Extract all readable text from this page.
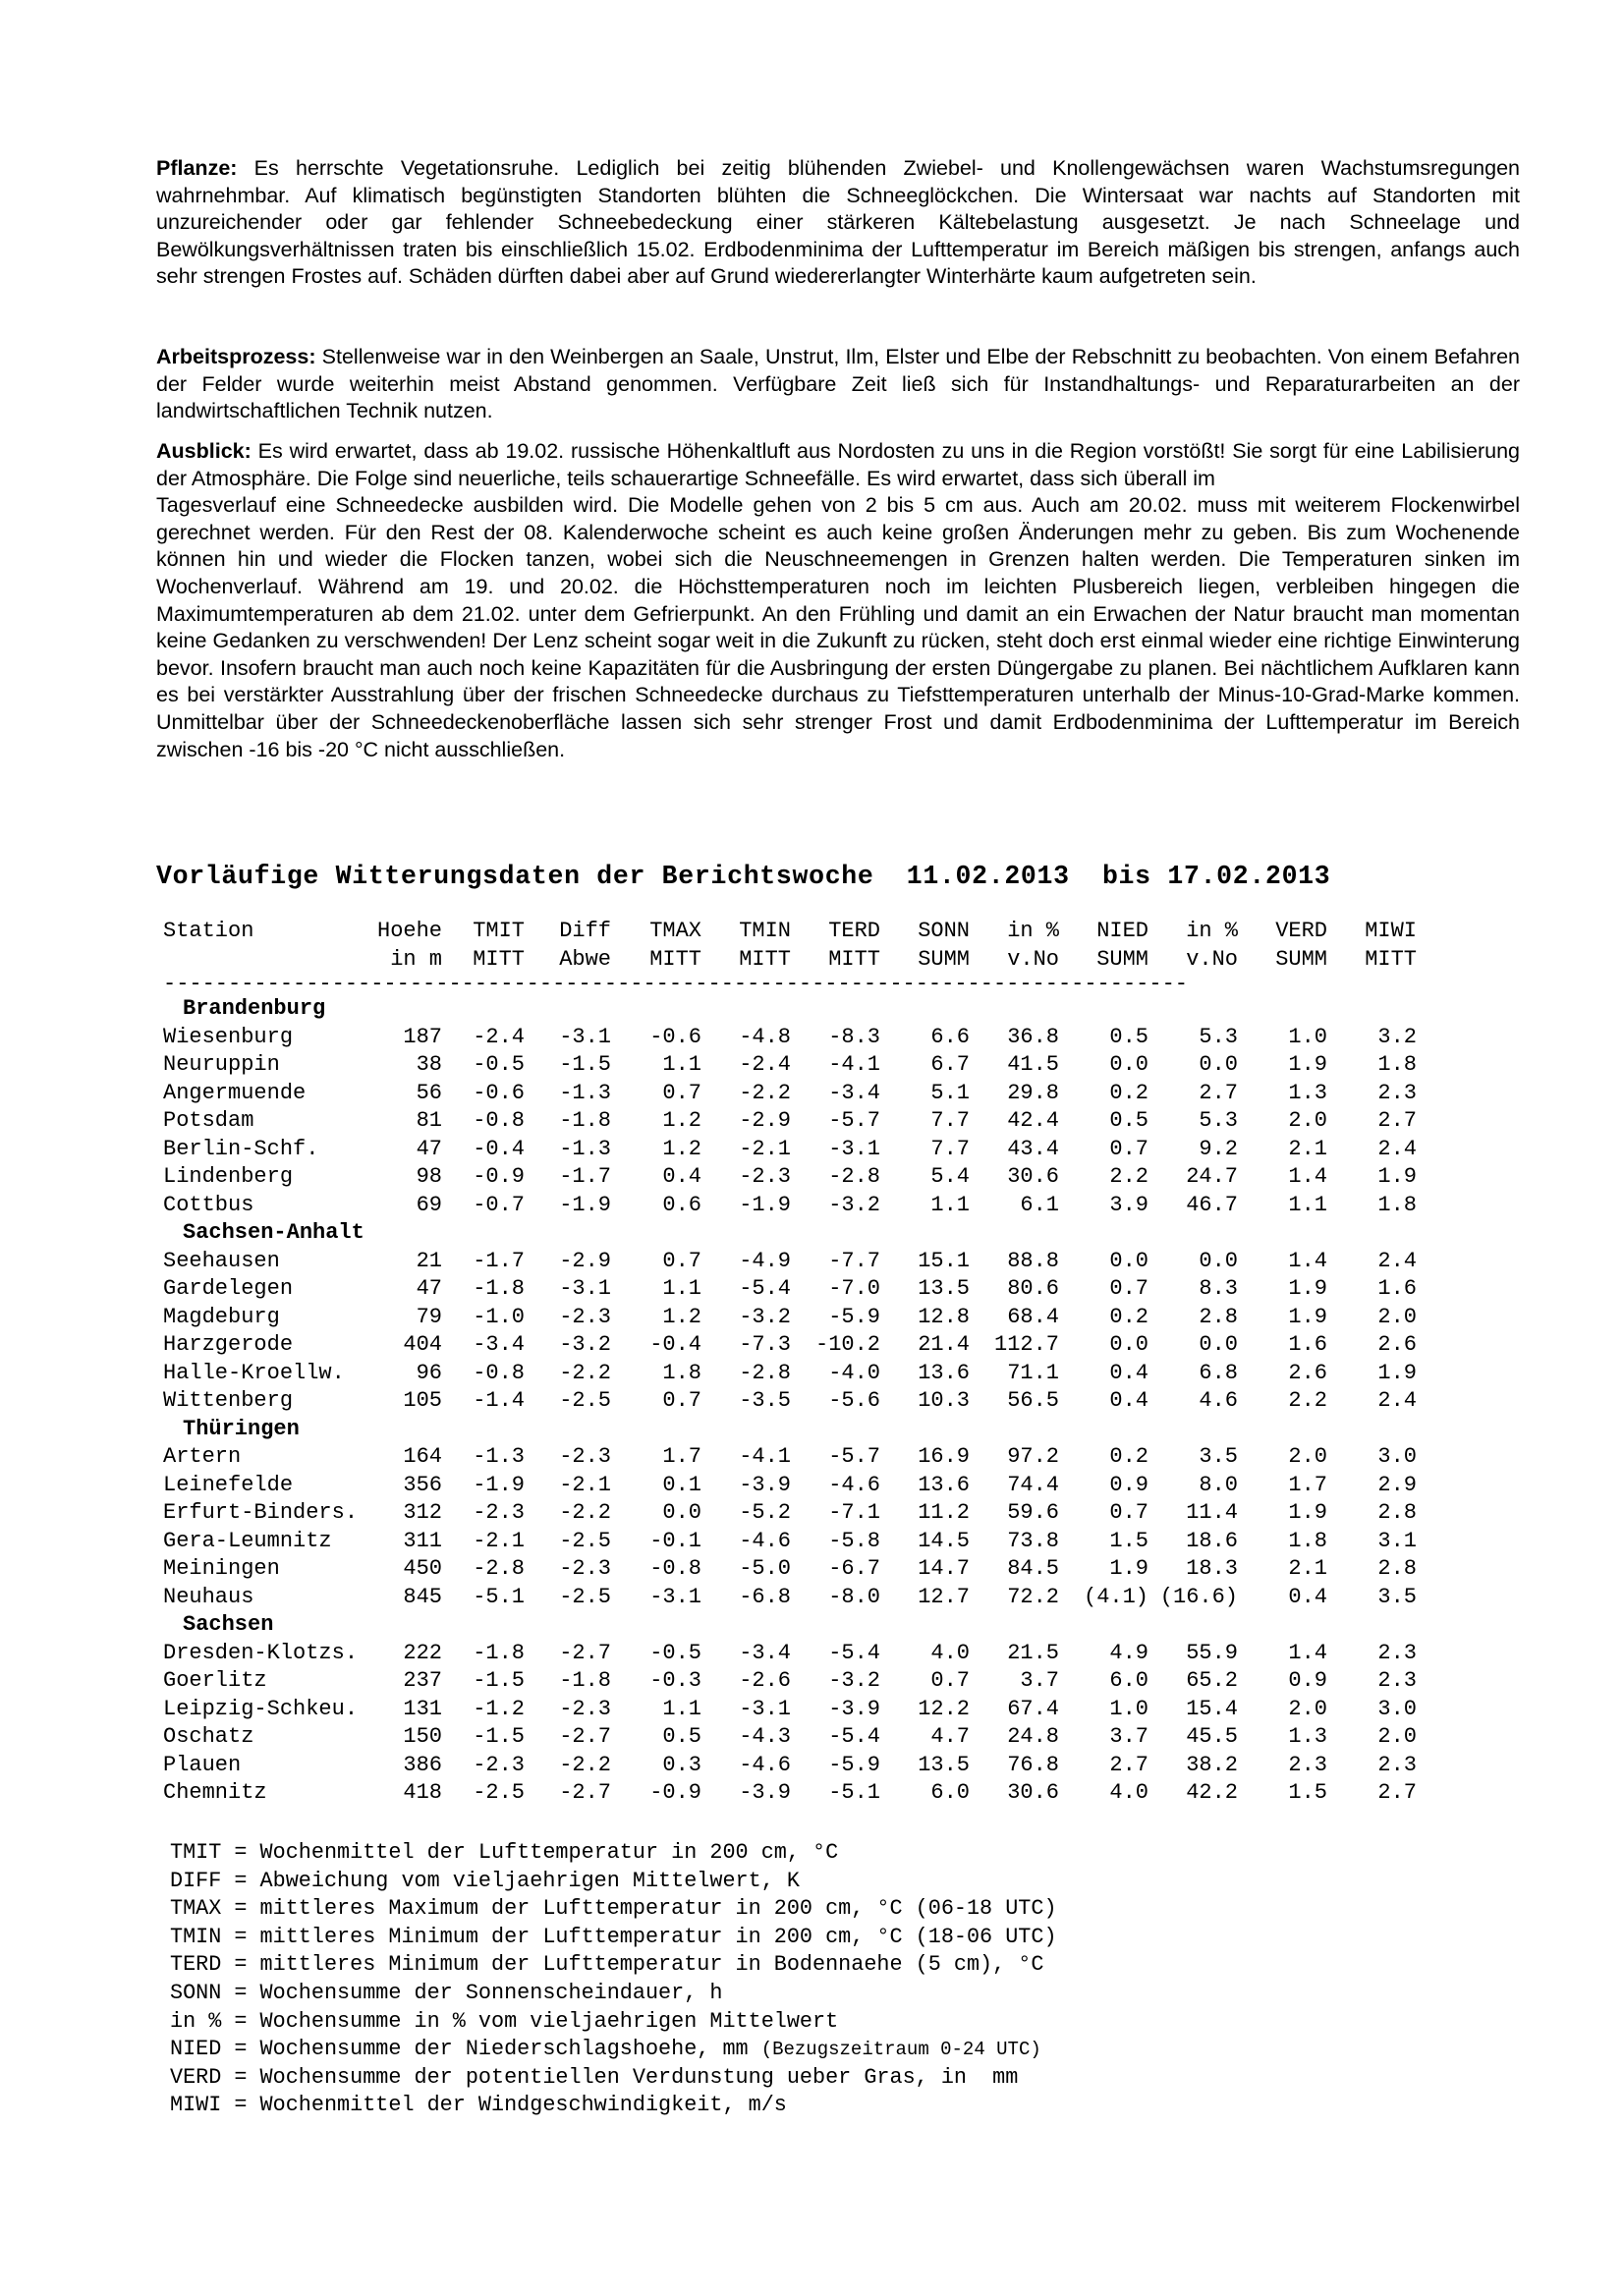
Pflanze: Es herrschte Vegetationsruhe. Lediglich bei zeitig blühenden Zwiebel- und Knollengewächsen waren Wachstumsregungen wahrnehmbar. Auf klimatisch begünstigten Standorten blühten die Schneeglöckchen. Die Wintersaat war nachts auf Standorten mit unzureichender oder gar fehlender Schneebedeckung einer stärkeren Kältebelastung ausgesetzt. Je nach Schneelage und Bewölkungsverhältnissen traten bis einschließlich 15.02. Erdbodenminima der Lufttemperatur im Bereich mäßigen bis strengen, anfangs auch sehr strengen Frostes auf. Schäden dürften dabei aber auf Grund wiedererlangter Winterhärte kaum aufgetreten sein.

Arbeitsprozess: Stellenweise war in den Weinbergen an Saale, Unstrut, Ilm, Elster und Elbe der Rebschnitt zu beobachten. Von einem Befahren der Felder wurde weiterhin meist Abstand genommen. Verfügbare Zeit ließ sich für Instandhaltungs- und Reparaturarbeiten an der landwirtschaftlichen Technik nutzen.

Ausblick: Es wird erwartet, dass ab 19.02. russische Höhenkaltluft aus Nordosten zu uns in die Region vorstößt! Sie sorgt für eine Labilisierung der Atmosphäre. Die Folge sind neuerliche, teils schauerartige Schneefälle. Es wird erwartet, dass sich überall im

Tagesverlauf eine Schneedecke ausbilden wird. Die Modelle gehen von 2 bis 5 cm aus. Auch am 20.02. muss mit weiterem Flockenwirbel gerechnet werden. Für den Rest der 08. Kalenderwoche scheint es auch keine großen Änderungen mehr zu geben. Bis zum Wochenende können hin und wieder die Flocken tanzen, wobei sich die Neuschneemengen in Grenzen halten werden. Die Temperaturen sinken im Wochenverlauf. Während am 19. und 20.02. die Höchsttemperaturen noch im leichten Plusbereich liegen, verbleiben hingegen die Maximumtemperaturen ab dem 21.02. unter dem Gefrierpunkt. An den Frühling und damit an ein Erwachen der Natur braucht man momentan keine Gedanken zu verschwenden! Der Lenz scheint sogar weit in die Zukunft zu rücken, steht doch erst einmal wieder eine richtige Einwinterung bevor. Insofern braucht man auch noch keine Kapazitäten für die Ausbringung der ersten Düngergabe zu planen. Bei nächtlichem Aufklaren kann es bei verstärkter Ausstrahlung über der frischen Schneedecke durchaus zu Tiefsttemperaturen unterhalb der Minus-10-Grad-Marke kommen. Unmittelbar über der Schneedeckenoberfläche lassen sich sehr strenger Frost und damit Erdbodenminima der Lufttemperatur im Bereich zwischen -16 bis -20 °C nicht ausschließen.

Vorläufige Witterungsdaten der Berichtswoche  11.02.2013  bis 17.02.2013
Station	Hoehe	TMIT	Diff	TMAX	TMIN	TERD	SONN	in %	NIED	in %	VERD	MIWI
	in m	MITT	Abwe	MITT	MITT	MITT	SUMM	v.No	SUMM	v.No	SUMM	MITT
-------------------------------------------------------------------------------												
Brandenburg												
Wiesenburg	187	-2.4	-3.1	-0.6	-4.8	-8.3	6.6	36.8	0.5	5.3	1.0	3.2
Neuruppin	38	-0.5	-1.5	1.1	-2.4	-4.1	6.7	41.5	0.0	0.0	1.9	1.8
Angermuende	56	-0.6	-1.3	0.7	-2.2	-3.4	5.1	29.8	0.2	2.7	1.3	2.3
Potsdam	81	-0.8	-1.8	1.2	-2.9	-5.7	7.7	42.4	0.5	5.3	2.0	2.7
Berlin-Schf.	47	-0.4	-1.3	1.2	-2.1	-3.1	7.7	43.4	0.7	9.2	2.1	2.4
Lindenberg	98	-0.9	-1.7	0.4	-2.3	-2.8	5.4	30.6	2.2	24.7	1.4	1.9
Cottbus	69	-0.7	-1.9	0.6	-1.9	-3.2	1.1	6.1	3.9	46.7	1.1	1.8
Sachsen-Anhalt												
Seehausen	21	-1.7	-2.9	0.7	-4.9	-7.7	15.1	88.8	0.0	0.0	1.4	2.4
Gardelegen	47	-1.8	-3.1	1.1	-5.4	-7.0	13.5	80.6	0.7	8.3	1.9	1.6
Magdeburg	79	-1.0	-2.3	1.2	-3.2	-5.9	12.8	68.4	0.2	2.8	1.9	2.0
Harzgerode	404	-3.4	-3.2	-0.4	-7.3	-10.2	21.4	112.7	0.0	0.0	1.6	2.6
Halle-Kroellw.	96	-0.8	-2.2	1.8	-2.8	-4.0	13.6	71.1	0.4	6.8	2.6	1.9
Wittenberg	105	-1.4	-2.5	0.7	-3.5	-5.6	10.3	56.5	0.4	4.6	2.2	2.4
Thüringen												
Artern	164	-1.3	-2.3	1.7	-4.1	-5.7	16.9	97.2	0.2	3.5	2.0	3.0
Leinefelde	356	-1.9	-2.1	0.1	-3.9	-4.6	13.6	74.4	0.9	8.0	1.7	2.9
Erfurt-Binders.	312	-2.3	-2.2	0.0	-5.2	-7.1	11.2	59.6	0.7	11.4	1.9	2.8
Gera-Leumnitz	311	-2.1	-2.5	-0.1	-4.6	-5.8	14.5	73.8	1.5	18.6	1.8	3.1
Meiningen	450	-2.8	-2.3	-0.8	-5.0	-6.7	14.7	84.5	1.9	18.3	2.1	2.8
Neuhaus	845	-5.1	-2.5	-3.1	-6.8	-8.0	12.7	72.2	(4.1)	(16.6)	0.4	3.5
Sachsen												
Dresden-Klotzs.	222	-1.8	-2.7	-0.5	-3.4	-5.4	4.0	21.5	4.9	55.9	1.4	2.3
Goerlitz	237	-1.5	-1.8	-0.3	-2.6	-3.2	0.7	3.7	6.0	65.2	0.9	2.3
Leipzig-Schkeu.	131	-1.2	-2.3	1.1	-3.1	-3.9	12.2	67.4	1.0	15.4	2.0	3.0
Oschatz	150	-1.5	-2.7	0.5	-4.3	-5.4	4.7	24.8	3.7	45.5	1.3	2.0
Plauen	386	-2.3	-2.2	0.3	-4.6	-5.9	13.5	76.8	2.7	38.2	2.3	2.3
Chemnitz	418	-2.5	-2.7	-0.9	-3.9	-5.1	6.0	30.6	4.0	42.2	1.5	2.7
TMIT = Wochenmittel der Lufttemperatur in 200 cm, °C
DIFF = Abweichung vom vieljaehrigen Mittelwert, K
TMAX = mittleres Maximum der Lufttemperatur in 200 cm, °C (06-18 UTC)
TMIN = mittleres Minimum der Lufttemperatur in 200 cm, °C (18-06 UTC)
TERD = mittleres Minimum der Lufttemperatur in Bodennaehe (5 cm), °C
SONN = Wochensumme der Sonnenscheindauer, h
in % = Wochensumme in % vom vieljaehrigen Mittelwert
NIED = Wochensumme der Niederschlagshoehe, mm (Bezugszeitraum 0-24 UTC)
VERD = Wochensumme der potentiellen Verdunstung ueber Gras, in  mm
MIWI = Wochenmittel der Windgeschwindigkeit, m/s
